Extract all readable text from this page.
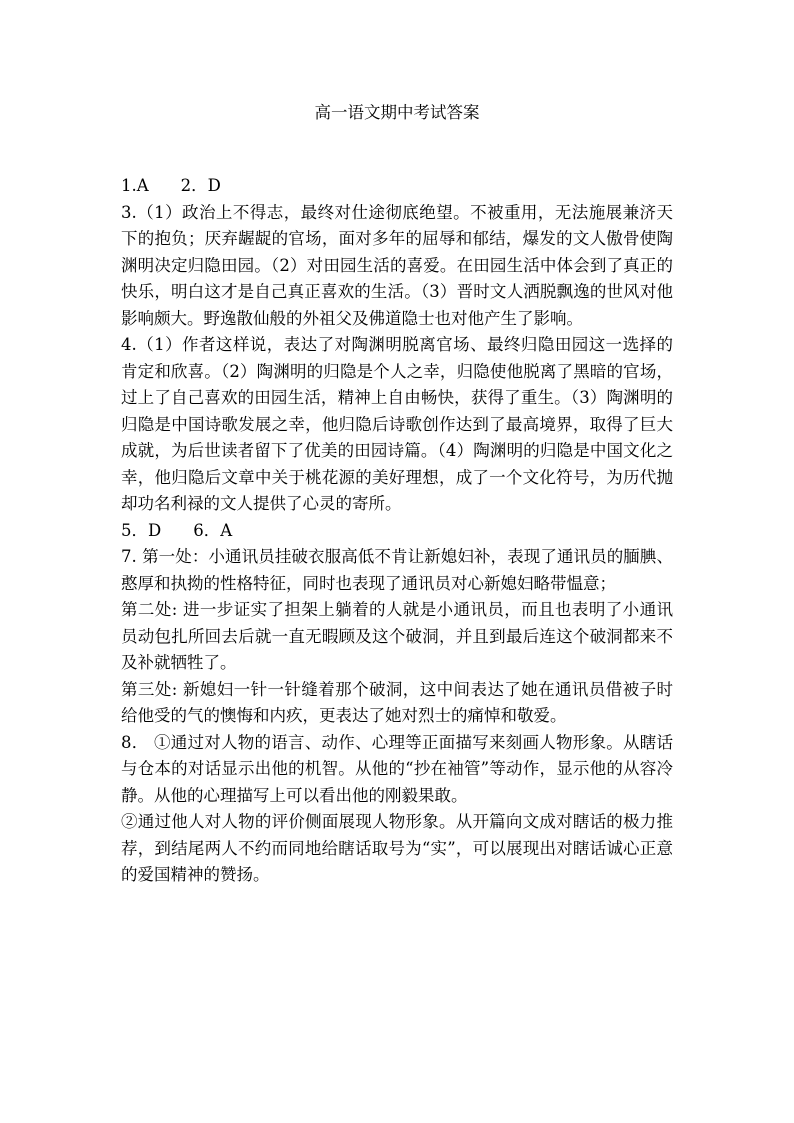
高一语文期中考试答案

1.A 2．D

3.（1）政治上不得志，最终对仕途彻底绝望。不被重用，无法施展兼济天下的抱负；厌弃龌龊的官场，面对多年的屈辱和郁结，爆发的文人傲骨使陶渊明决定归隐田园。（2）对田园生活的喜爱。在田园生活中体会到了真正的快乐，明白这才是自己真正喜欢的生活。（3）晋时文人洒脱飘逸的世风对他影响颇大。野逸散仙般的外祖父及佛道隐士也对他产生了影响。

4.（1）作者这样说，表达了对陶渊明脱离官场、最终归隐田园这一选择的肯定和欣喜。（2）陶渊明的归隐是个人之幸，归隐使他脱离了黑暗的官场，过上了自己喜欢的田园生活，精神上自由畅快，获得了重生。（3）陶渊明的归隐是中国诗歌发展之幸，他归隐后诗歌创作达到了最高境界，取得了巨大成就，为后世读者留下了优美的田园诗篇。（4）陶渊明的归隐是中国文化之幸，他归隐后文章中关于桃花源的美好理想，成了一个文化符号，为历代抛却功名利禄的文人提供了心灵的寄所。

5．D 6．A

7. 第一处：小通讯员挂破衣服高低不肯让新媳妇补，表现了通讯员的腼腆、憨厚和执拗的性格特征，同时也表现了通讯员对心新媳妇略带愠意；

第二处: 进一步证实了担架上躺着的人就是小通讯员，而且也表明了小通讯员动包扎所回去后就一直无暇顾及这个破洞，并且到最后连这个破洞都来不及补就牺牲了。

第三处: 新媳妇一针一针缝着那个破洞，这中间表达了她在通讯员借被子时给他受的气的懊悔和内疚，更表达了她对烈士的痛悼和敬爱。

8． ①通过对人物的语言、动作、心理等正面描写来刻画人物形象。从瞎话与仓本的对话显示出他的机智。从他的“抄在袖管”等动作，显示他的从容冷静。从他的心理描写上可以看出他的刚毅果敢。

②通过他人对人物的评价侧面展现人物形象。从开篇向文成对瞎话的极力推荐，到结尾两人不约而同地给瞎话取号为“实”，可以展现出对瞎话诚心正意的爱国精神的赞扬。
